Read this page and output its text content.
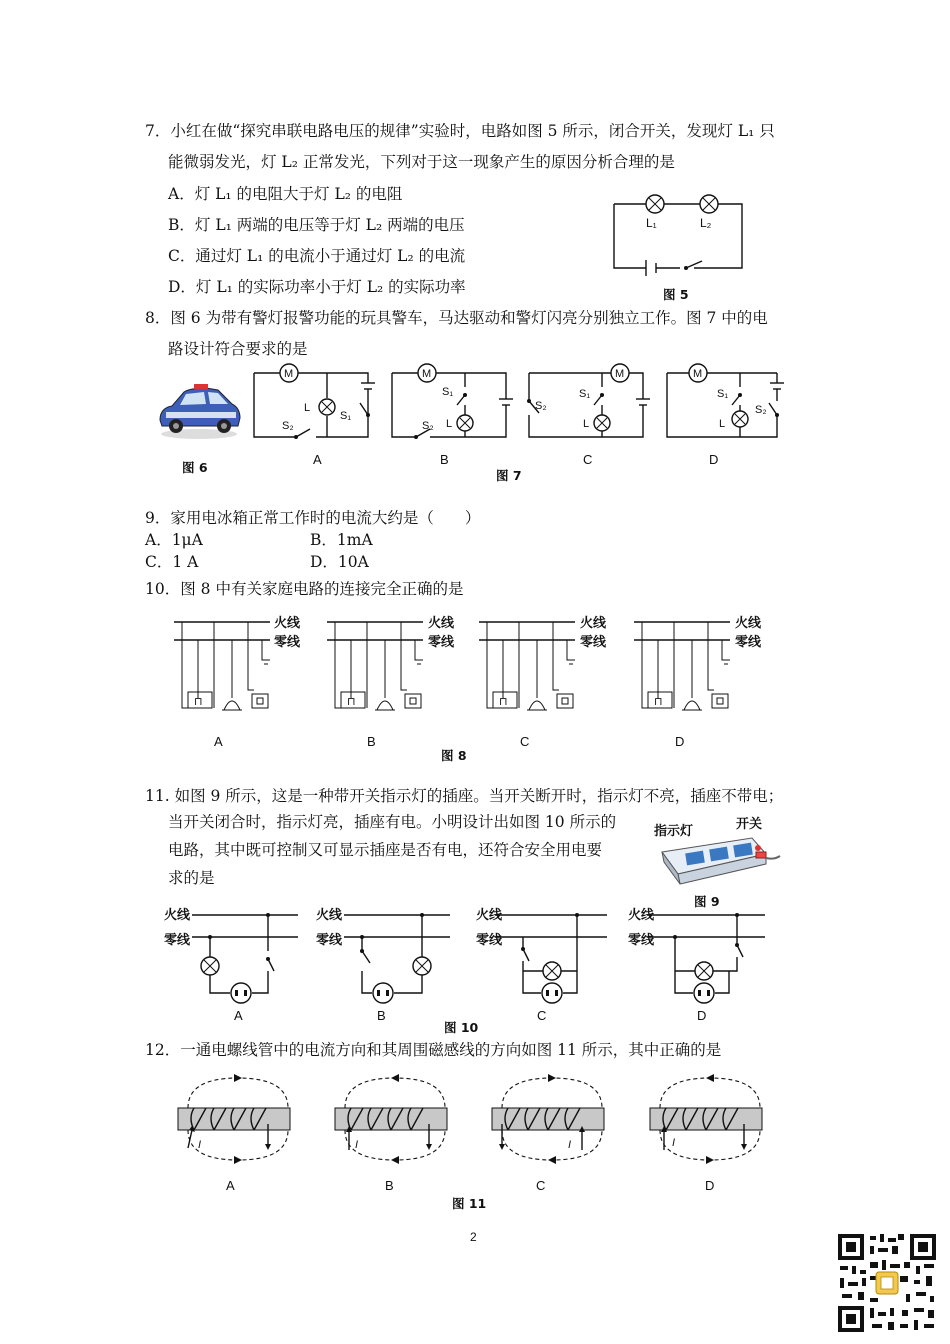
7．小红在做“探究串联电路电压的规律”实验时，电路如图 5 所示，闭合开关，发现灯 L₁ 只
能微弱发光，灯 L₂ 正常发光，下列对于这一现象产生的原因分析合理的是
A．灯 L₁ 的电阻大于灯 L₂ 的电阻
B．灯 L₁ 两端的电压等于灯 L₂ 两端的电压
C．通过灯 L₁ 的电流小于通过灯 L₂ 的电流
D．灯 L₁ 的实际功率小于灯 L₂ 的实际功率
L₁	L₂
图 5
8．图 6 为带有警灯报警功能的玩具警车，马达驱动和警灯闪亮分别独立工作。图 7 中的电
路设计符合要求的是
图 6
M
L
S₁
S₂
M
S₁
L
S₂
M
S₁
L
S₂
M
S₁
L
S₂
A	B	C	D
图 7
9．家用电冰箱正常工作时的电流大约是（　　）
A．1μA	B．1mA
C．1 A	D．10A
10．图 8 中有关家庭电路的连接完全正确的是
⊓	⊓	⊓	⊓
火线
零线
火线
零线
火线
零线
火线
零线
A	B	C	D
图 8
11. 如图 9 所示，这是一种带开关指示灯的插座。当开关断开时，指示灯不亮，插座不带电；
当开关闭合时，指示灯亮，插座有电。小明设计出如图 10 所示的
电路，其中既可控制又可显示插座是否有电，还符合安全用电要
求的是
指示灯	开关
图 9
火线
零线
火线
零线
火线
零线
火线
零线
A	B	C	D
图 10
12．一通电螺线管中的电流方向和其周围磁感线的方向如图 11 所示，其中正确的是
I	I	I	I
A	B	C	D
图 11
2
